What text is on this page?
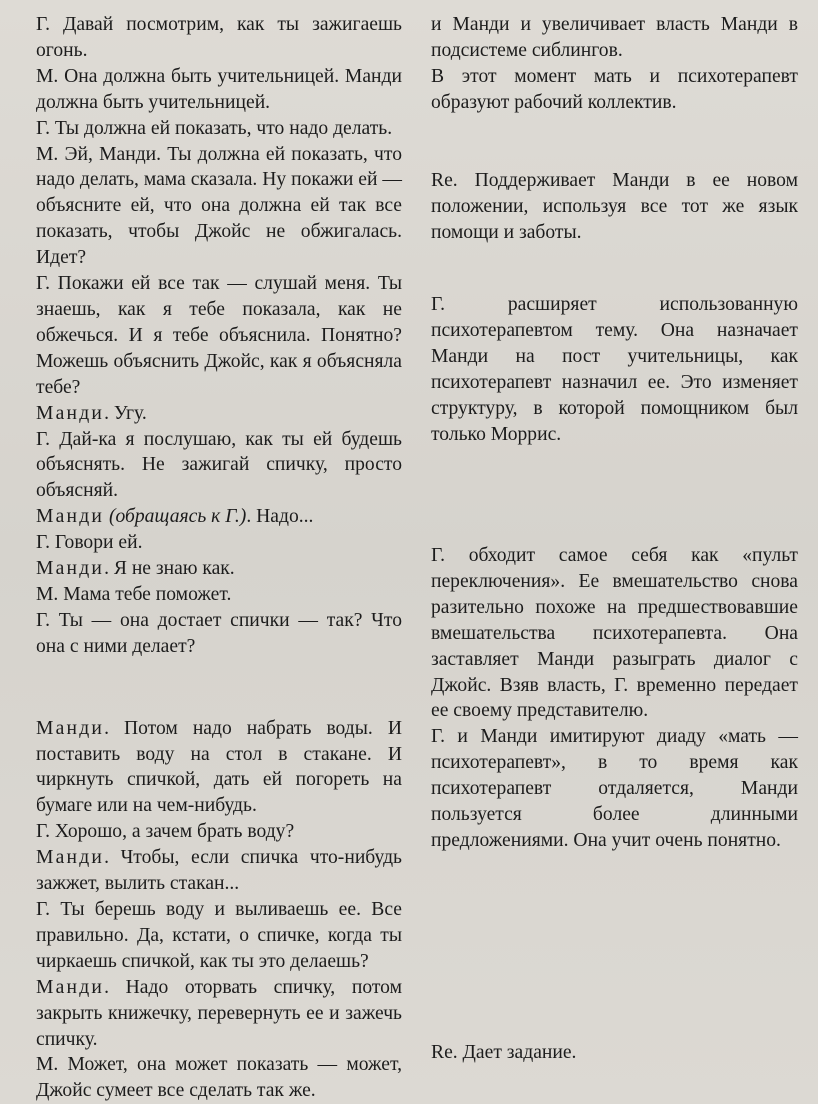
Г. Давай посмотрим, как ты зажигаешь огонь.

М. Она должна быть учительницей. Манди должна быть учительницей.

Г. Ты должна ей показать, что надо делать.

М. Эй, Манди. Ты должна ей показать, что надо делать, мама сказала. Ну покажи ей — объясните ей, что она должна ей так все показать, чтобы Джойс не обжигалась. Идет?

Г. Покажи ей все так — слушай меня. Ты знаешь, как я тебе показала, как не обжечься. И я тебе объяснила. Понятно? Можешь объяснить Джойс, как я объясняла тебе?

Манди. Угу.

Г. Дай-ка я послушаю, как ты ей будешь объяснять. Не зажигай спичку, просто объясняй.

Манди (обращаясь к Г.). Надо...

Г. Говори ей.

Манди. Я не знаю как.

М. Мама тебе поможет.

Г. Ты — она достает спички — так? Что она с ними делает?

Манди. Потом надо набрать воды. И поставить воду на стол в стакане. И чиркнуть спичкой, дать ей погореть на бумаге или на чем-нибудь.

Г. Хорошо, а зачем брать воду?

Манди. Чтобы, если спичка что-нибудь зажжет, вылить стакан...

Г. Ты берешь воду и выливаешь ее. Все правильно. Да, кстати, о спичке, когда ты чиркаешь спичкой, как ты это делаешь?

Манди. Надо оторвать спичку, потом закрыть книжечку, перевернуть ее и зажечь спичку.

М. Может, она может показать — может, Джойс сумеет все сделать так же.

и Манди и увеличивает власть Манди в подсистеме сиблингов.

В этот момент мать и психотерапевт образуют рабочий коллектив.

Re. Поддерживает Манди в ее новом положении, используя все тот же язык помощи и заботы.

Г. расширяет использованную психотерапевтом тему. Она назначает Манди на пост учительницы, как психотерапевт назначил ее. Это изменяет структуру, в которой помощником был только Моррис.

Г. обходит самое себя как «пульт переключения». Ее вмешательство снова разительно похоже на предшествовавшие вмешательства психотерапевта. Она заставляет Манди разыграть диалог с Джойс. Взяв власть, Г. временно передает ее своему представителю.

Г. и Манди имитируют диаду «мать — психотерапевт», в то время как психотерапевт отдаляется, Манди пользуется более длинными предложениями. Она учит очень понятно.

Re. Дает задание.
